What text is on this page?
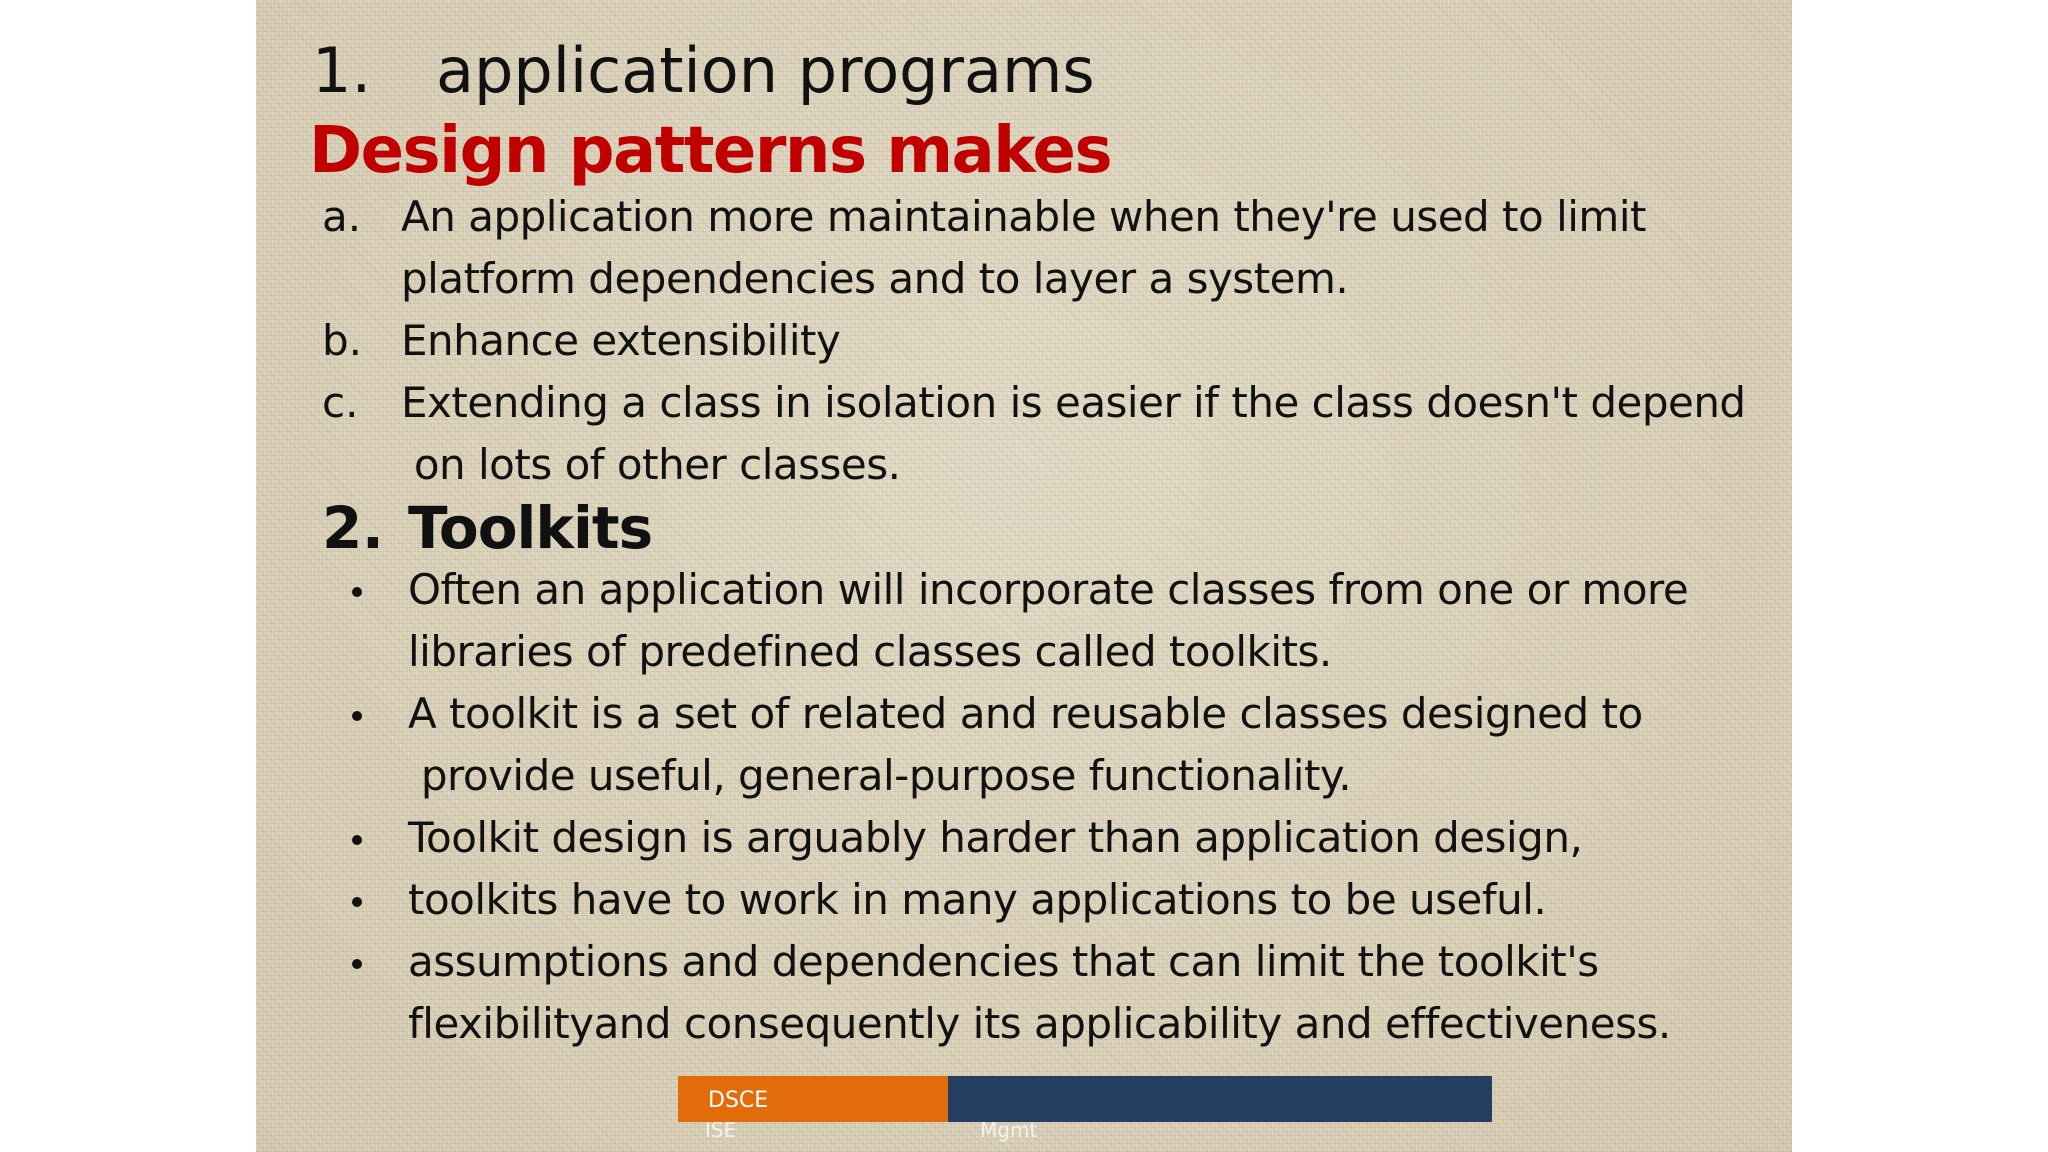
1. application programs
Design patterns makes
a. An application more maintainable when they're used to limit
platform dependencies and to layer a system.
b. Enhance extensibility
c. Extending a class in isolation is easier if the class doesn't depend
on lots of other classes.
2. Toolkits
Often an application will incorporate classes from one or more
libraries of predefined classes called toolkits.
A toolkit is a set of related and reusable classes designed to
provide useful, general-purpose functionality.
Toolkit design is arguably harder than application design,
toolkits have to work in many applications to be useful.
assumptions and dependencies that can limit the toolkit's
flexibilityand consequently its applicability and effectiveness.
DSCE
ISE	Mgmt
